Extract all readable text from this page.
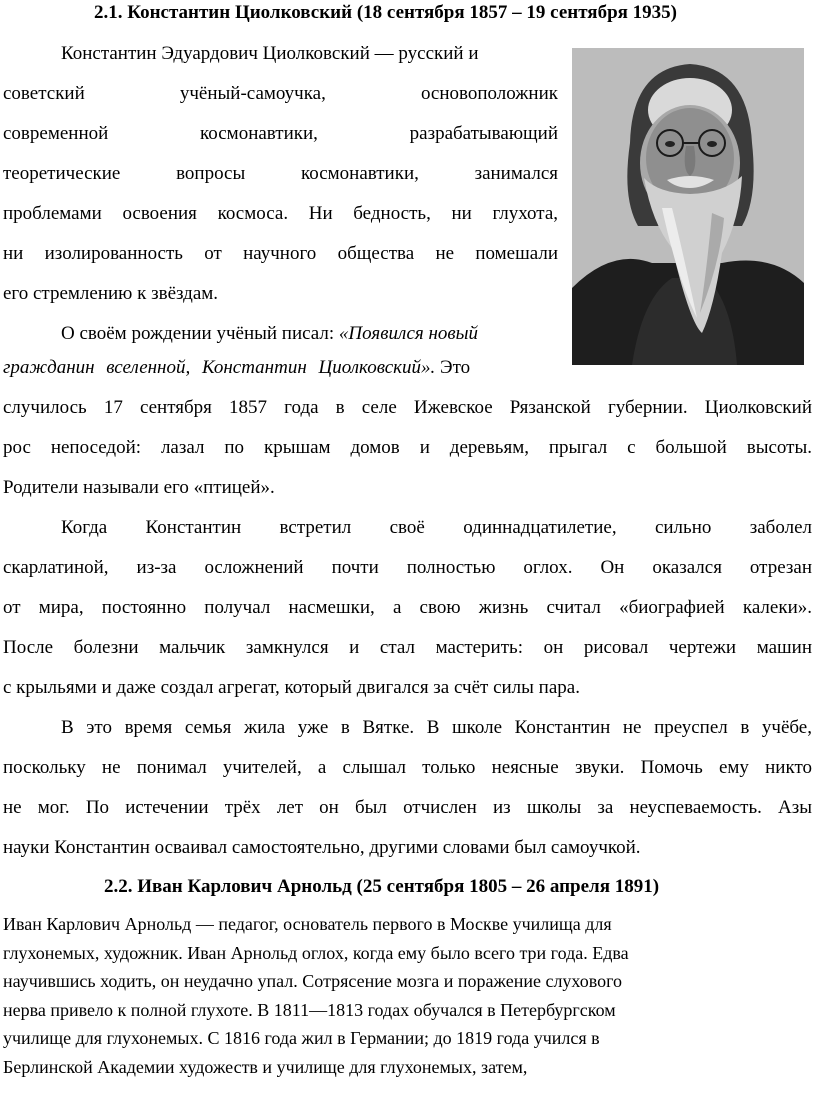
2.1. Константин Циолковский (18 сентября 1857 – 19 сентября 1935)

Константин Эдуардович Циолковский — русский и

советский учёный-самоучка, основоположник

современной космонавтики, разрабатывающий

теоретические вопросы космонавтики, занимался

проблемами освоения космоса. Ни бедность, ни глухота,

ни изолированность от научного общества не помешали

его стремлению к звёздам.

О своём рождении учёный писал: «Появился новый

гражданин вселенной, Константин Циолковский». Это

случилось 17 сентября 1857 года в селе Ижевское Рязанской губернии. Циолковский

рос непоседой: лазал по крышам домов и деревьям, прыгал с большой высоты.

Родители называли его «птицей».

Когда Константин встретил своё одиннадцатилетие, сильно заболел

скарлатиной, из-за осложнений почти полностью оглох. Он оказался отрезан

от мира, постоянно получал насмешки, а свою жизнь считал «биографией калеки».

После болезни мальчик замкнулся и стал мастерить: он рисовал чертежи машин

с крыльями и даже создал агрегат, который двигался за счёт силы пара.

В это время семья жила уже в Вятке. В школе Константин не преуспел в учёбе,

поскольку не понимал учителей, а слышал только неясные звуки. Помочь ему никто

не мог. По истечении трёх лет он был отчислен из школы за неуспеваемость. Азы

науки Константин осваивал самостоятельно, другими словами был самоучкой.

2.2. Иван Карлович Арнольд (25 сентября 1805 – 26 апреля 1891)

Иван Карлович Арнольд — педагог, основатель первого в Москве училища для

глухонемых, художник. Иван Арнольд оглох, когда ему было всего три года. Едва

научившись ходить, он неудачно упал. Сотрясение мозга и поражение слухового

нерва привело к полной глухоте. В 1811—1813 годах обучался в Петербургском

училище для глухонемых. С 1816 года жил в Германии; до 1819 года учился в

Берлинской Академии художеств и училище для глухонемых, затем,
